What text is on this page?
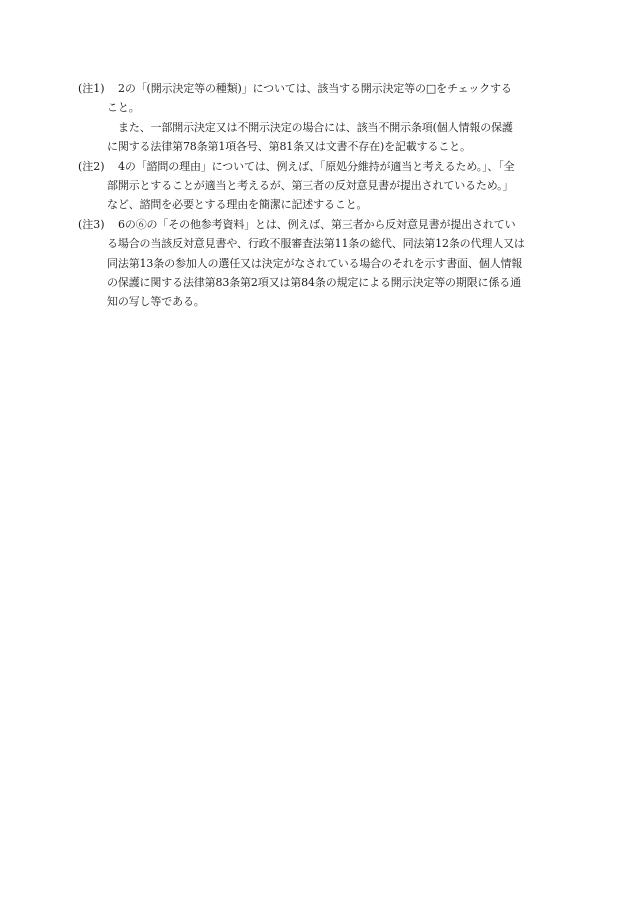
(注1)	2の「(開示決定等の種類)」については、該当する開示決定等の□をチェックする
こと。
また、一部開示決定又は不開示決定の場合には、該当不開示条項(個人情報の保護
に関する法律第78条第1項各号、第81条又は文書不存在)を記載すること。
(注2)	4の「諮問の理由」については、例えば、「原処分維持が適当と考えるため。」、「全
部開示とすることが適当と考えるが、第三者の反対意見書が提出されているため。」
など、諮問を必要とする理由を簡潔に記述すること。
(注3)	6の⑥の「その他参考資料」とは、例えば、第三者から反対意見書が提出されてい
る場合の当該反対意見書や、行政不服審査法第11条の総代、同法第12条の代理人又は
同法第13条の参加人の選任又は決定がなされている場合のそれを示す書面、個人情報
の保護に関する法律第83条第2項又は第84条の規定による開示決定等の期限に係る通
知の写し等である。
